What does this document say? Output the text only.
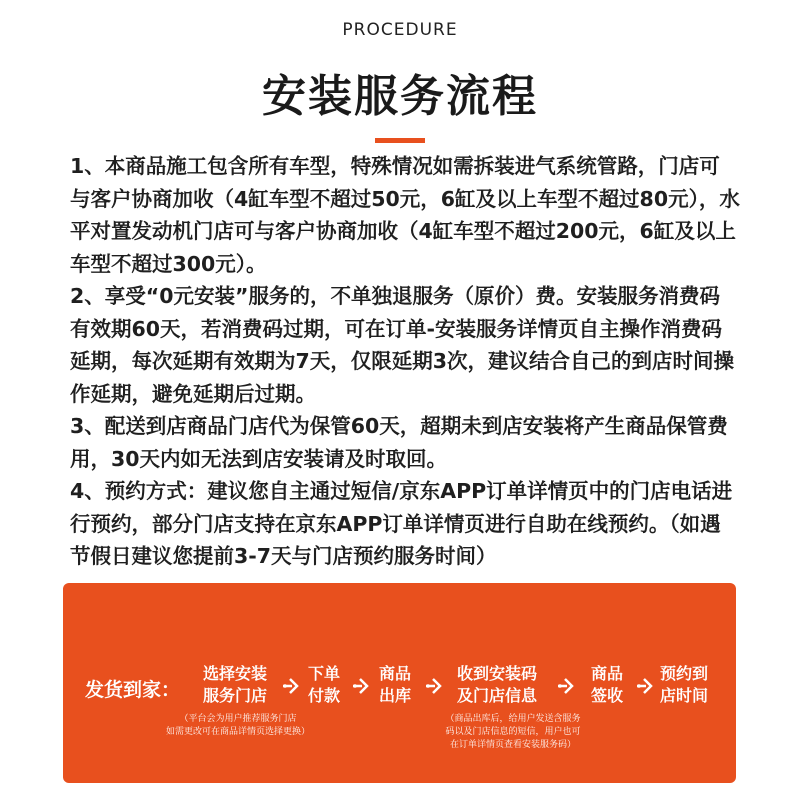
PROCEDURE
安装服务流程

1、本商品施工包含所有车型，特殊情况如需拆装进气系统管路，门店可与客户协商加收（4缸车型不超过50元，6缸及以上车型不超过80元），水平对置发动机门店可与客户协商加收（4缸车型不超过200元，6缸及以上车型不超过300元）。

2、享受“0元安装”服务的，不单独退服务（原价）费。安装服务消费码有效期60天，若消费码过期，可在订单-安装服务详情页自主操作消费码延期，每次延期有效期为7天，仅限延期3次，建议结合自己的到店时间操作延期，避免延期后过期。

3、配送到店商品门店代为保管60天，超期未到店安装将产生商品保管费用，30天内如无法到店安装请及时取回。

4、预约方式：建议您自主通过短信/京东APP订单详情页中的门店电话进行预约，部分门店支持在京东APP订单详情页进行自助在线预约。（如遇节假日建议您提前3-7天与门店预约服务时间）

发货到家：
选择安装
服务门店
下单
付款
商品
出库
收到安装码
及门店信息
商品
签收
预约到
店时间
（平台会为用户推荐服务门店
如需更改可在商品详情页选择更换）
（商品出库后，给用户发送含服务
码以及门店信息的短信，用户也可
在订单详情页查看安装服务码）
